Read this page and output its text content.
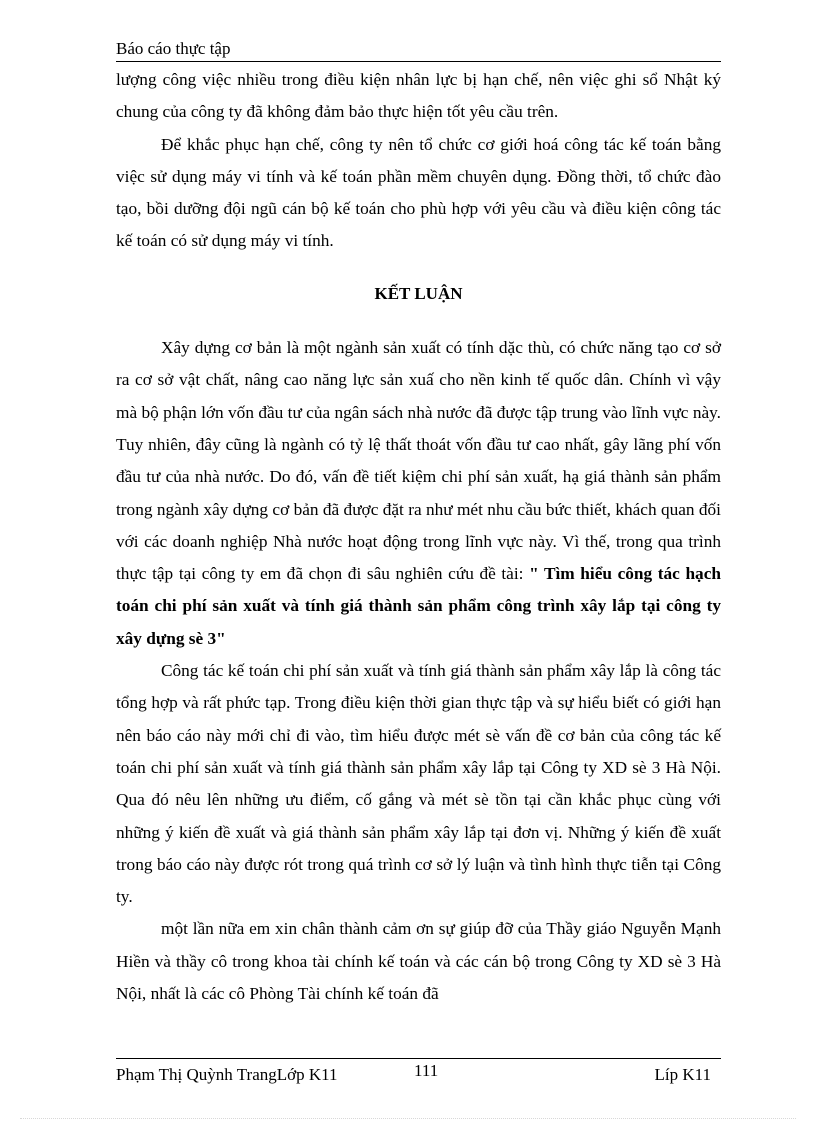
Báo cáo thực tập

lượng công việc nhiều trong điều kiện nhân lực bị hạn chế, nên việc ghi sổ Nhật ký chung của công ty đã không đảm bảo thực hiện tốt yêu cầu trên.

Để khắc phục hạn chế, công ty nên tổ chức cơ giới hoá công tác kế toán bằng việc sử dụng máy vi tính và kế toán phần mềm chuyên dụng. Đồng thời, tổ chức đào tạo, bồi dưỡng đội ngũ cán bộ kế toán cho phù hợp với yêu cầu và điều kiện công tác kế toán có sử dụng máy vi tính.

KẾT LUẬN

Xây dựng cơ bản là một ngành sản xuất có tính dặc thù, có chức năng tạo cơ sở ra cơ sở vật chất, nâng cao năng lực sản xuấ cho nền kinh tế quốc dân. Chính vì vậy mà bộ phận lớn vốn đầu tư của ngân sách nhà nước đã được tập trung vào lĩnh vực này. Tuy nhiên, đây cũng là ngành có tỷ lệ thất thoát vốn đầu tư cao nhất, gây lãng phí vốn đầu tư của nhà nước. Do đó, vấn đề tiết kiệm chi phí sản xuất, hạ giá thành sản phẩm trong ngành xây dựng cơ bản đã được đặt ra như mét nhu cầu bức thiết, khách quan đối với các doanh nghiệp Nhà nước hoạt động trong lĩnh vực này. Vì thế, trong qua trình thực tập tại công ty em đã chọn đi sâu nghiên cứu đề tài: " Tìm hiểu công tác hạch toán chi phí sản xuất và tính giá thành sản phẩm công trình xây lắp tại công ty xây dựng sè 3"

Công tác kế toán chi phí sản xuất và tính giá thành sản phẩm xây lắp là công tác tổng hợp và rất phức tạp. Trong điều kiện thời gian thực tập và sự hiểu biết có giới hạn nên báo cáo này mới chỉ đi vào, tìm hiểu được mét sè vấn đề cơ bản của công tác kế toán chi phí sản xuất và tính giá thành sản phẩm xây lắp tại Công ty XD sè 3 Hà Nội. Qua đó nêu lên những ưu điểm, cố gắng và mét sè tồn tại cần khắc phục cùng với những ý kiến đề xuất và giá thành sản phẩm xây lắp tại đơn vị. Những ý kiến đề xuất trong báo cáo này được rót trong quá trình cơ sở lý luận và tình hình thực tiễn tại Công ty.

một lần nữa em xin chân thành cảm ơn sự giúp đỡ của Thầy giáo Nguyễn Mạnh Hiền và thầy cô trong khoa tài chính kế toán và các cán bộ trong Công ty XD sè 3 Hà Nội, nhất là các cô Phòng Tài chính kế toán đã

Phạm Thị Quỳnh TrangLớp K11	111	Líp K11
